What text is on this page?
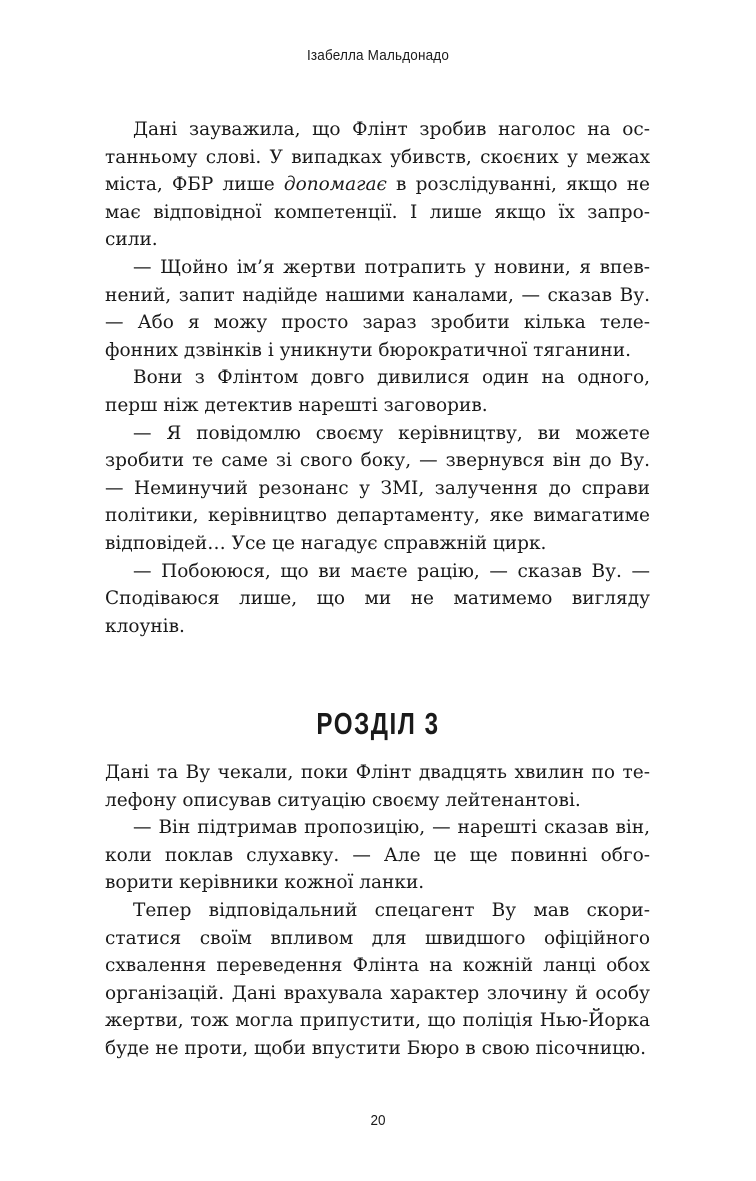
Ізабелла Мальдонадо

Дані зауважила, що Флінт зробив наголос на останньому слові. У випадках убивств, скоєних у межах міста, ФБР лише допомагає в розслідуванні, якщо не має відповідної компетенції. І лише якщо їх запросили.

— Щойно ім’я жертви потрапить у новини, я впевнений, запит надійде нашими каналами, — сказав Ву. — Або я можу просто зараз зробити кілька телефонних дзвінків і уникнути бюрократичної тяганини.

Вони з Флінтом довго дивилися один на одного, перш ніж детектив нарешті заговорив.

— Я повідомлю своєму керівництву, ви можете зробити те саме зі свого боку, — звернувся він до Ву. — Неминучий резонанс у ЗМІ, залучення до справи політики, керівництво департаменту, яке вимагатиме відповідей… Усе це нагадує справжній цирк.

— Побоююся, що ви маєте рацію, — сказав Ву. — Сподіваюся лише, що ми не матимемо вигляду клоунів.

РОЗДІЛ 3

Дані та Ву чекали, поки Флінт двадцять хвилин по телефону описував ситуацію своєму лейтенантові.

— Він підтримав пропозицію, — нарешті сказав він, коли поклав слухавку. — Але це ще повинні обговорити керівники кожної ланки.

Тепер відповідальний спецагент Ву мав скористатися своїм впливом для швидшого офіційного схвалення переведення Флінта на кожній ланці обох організацій. Дані врахувала характер злочину й особу жертви, тож могла припустити, що поліція Нью-Йорка буде не проти, щоби впустити Бюро в свою пісочницю.

20
